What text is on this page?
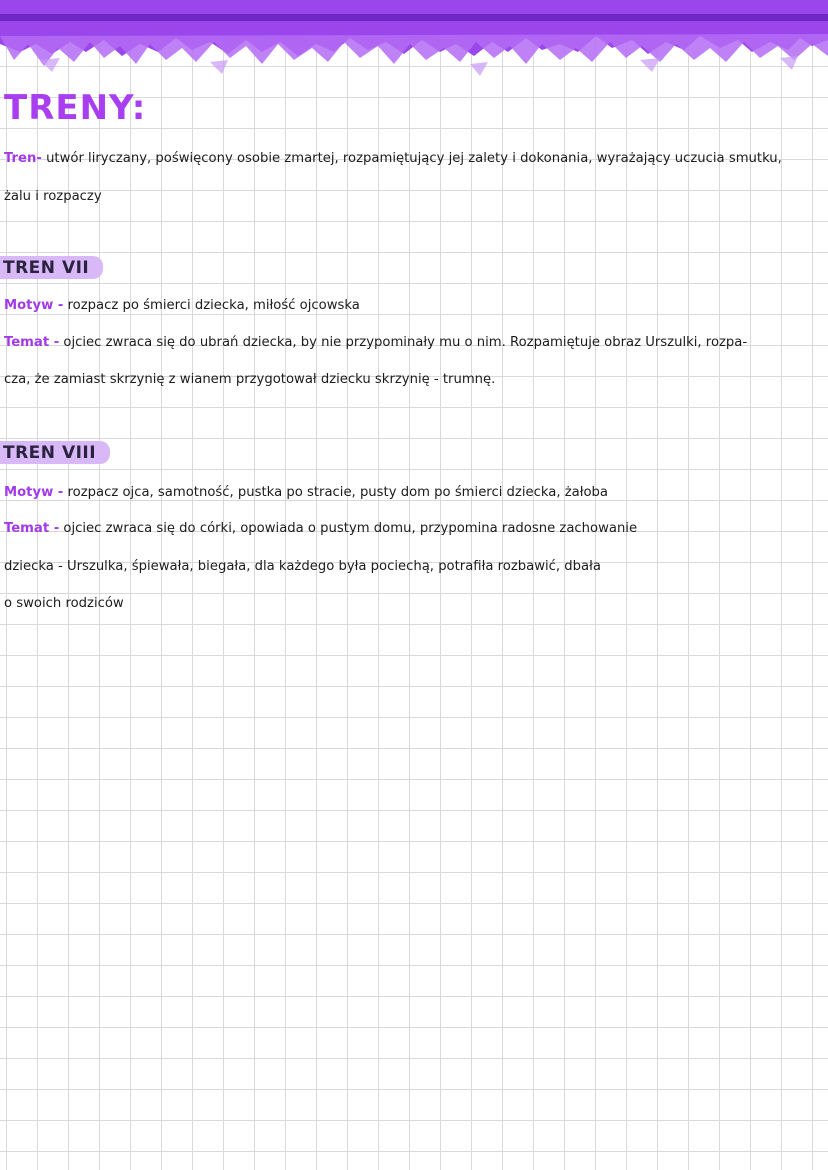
TRENY:
Tren- utwór liryczany, poświęcony osobie zmartej, rozpamiętujący jej zalety i dokonania, wyrażający uczucia smutku,
żalu i rozpaczy
TREN VII
Motyw - rozpacz po śmierci dziecka, miłość ojcowska
Temat - ojciec zwraca się do ubrań dziecka, by nie przypominały mu o nim. Rozpamiętuje obraz Urszulki, rozpa-
cza, że zamiast skrzynię z wianem przygotował dziecku skrzynię - trumnę.
TREN VIII
Motyw - rozpacz ojca, samotność, pustka po stracie, pusty dom po śmierci dziecka, żałoba
Temat - ojciec zwraca się do córki, opowiada o pustym domu, przypomina radosne zachowanie
dziecka - Urszulka, śpiewała, biegała, dla każdego była pociechą, potrafiła rozbawić, dbała
o swoich rodziców
